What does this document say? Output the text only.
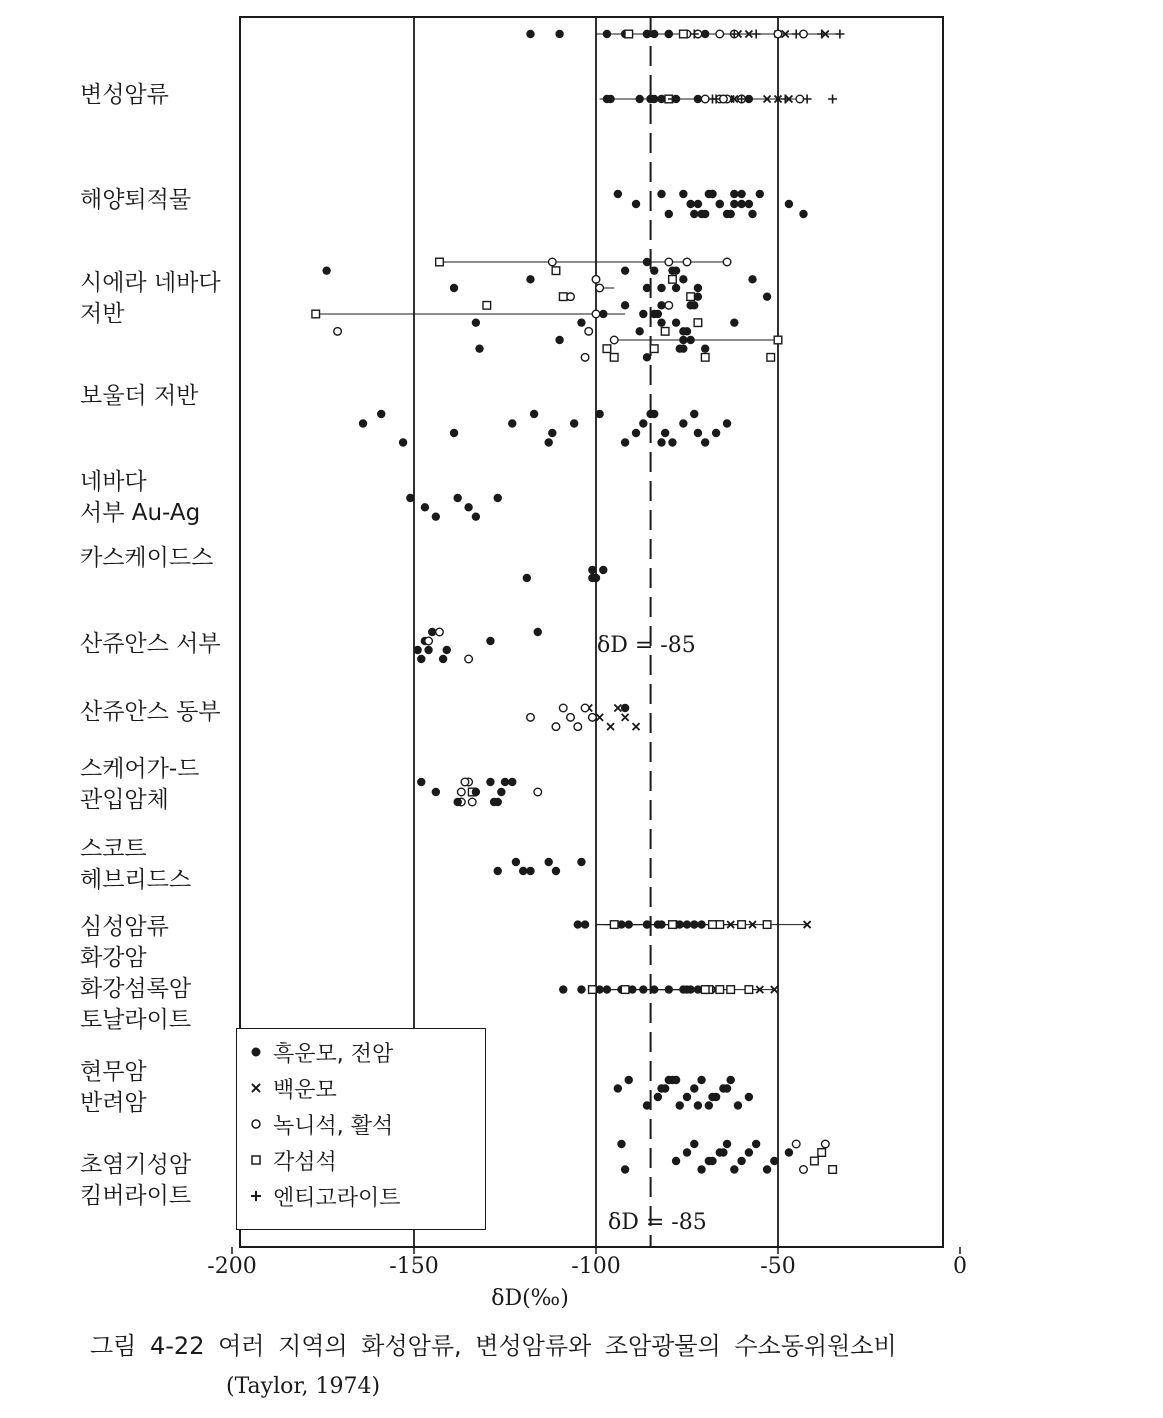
변성암류
해양퇴적물
시에라 네바다
저반
보울더 저반
네바다
서부 Au-Ag
카스케이드스
산쥬안스 서부
산쥬안스 동부
스케어가-드
관입암체
스코트
헤브리드스
심성암류
화강암
화강섬록암
토날라이트
현무암
반려암
초염기성암
킴버라이트
-200	-150	-100	-50	0
δD(‰)
δD = -85
δD = -85
흑운모, 전암
백운모
녹니석, 활석
각섬석
엔티고라이트
그림 4-22 여러 지역의 화성암류, 변성암류와 조암광물의 수소동위원소비
(Taylor, 1974)
